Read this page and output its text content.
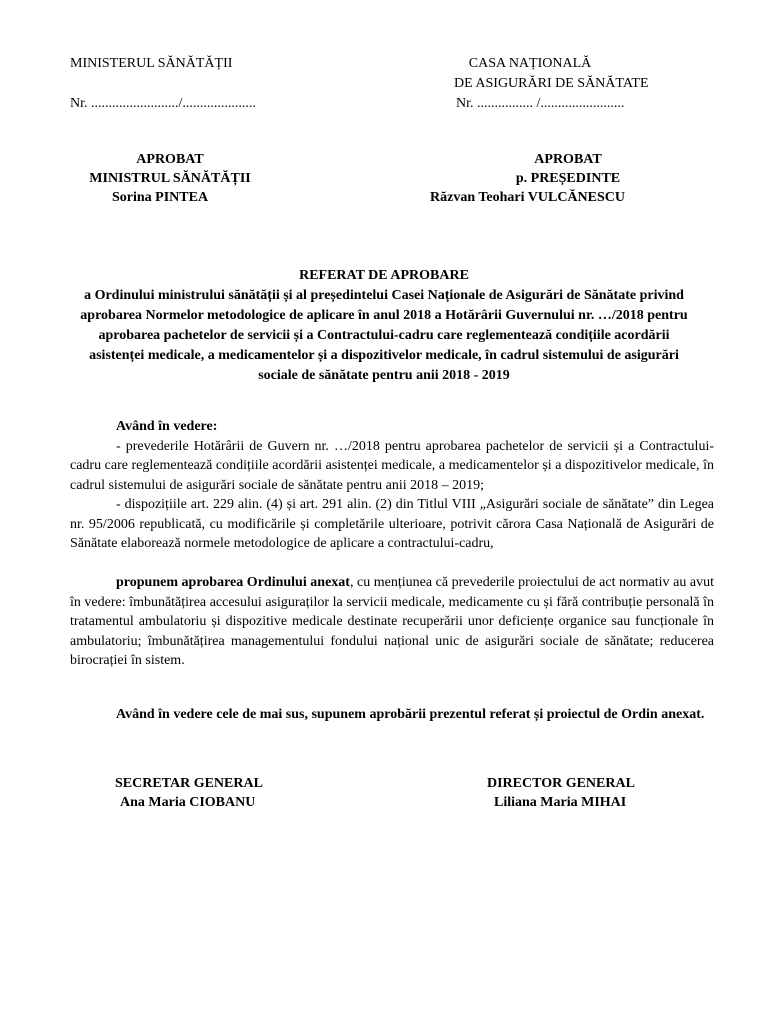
MINISTERUL SĂNĂTĂȚII
Nr. ........................./.....................
CASA NAȚIONALĂ
DE ASIGURĂRI DE SĂNĂTATE
Nr. ................ /........................
APROBAT
MINISTRUL SĂNĂTĂȚII
Sorina PINTEA
APROBAT
p. PREȘEDINTE
Răzvan Teohari VULCĂNESCU
REFERAT DE APROBARE
a Ordinului ministrului sănătății și al președintelui Casei Naționale de Asigurări de Sănătate privind
aprobarea Normelor metodologice de aplicare în anul 2018 a Hotărârii Guvernului nr. …/2018 pentru
aprobarea pachetelor de servicii și a Contractului-cadru care reglementează condițiile acordării
asistenței medicale, a medicamentelor și a dispozitivelor medicale, în cadrul sistemului de asigurări
sociale de sănătate pentru anii 2018 - 2019

Având în vedere:

- prevederile Hotărârii de Guvern nr. …/2018 pentru aprobarea pachetelor de servicii și a Contractului-cadru care reglementează condițiile acordării asistenței medicale, a medicamentelor și a dispozitivelor medicale, în cadrul sistemului de asigurări sociale de sănătate pentru anii 2018 – 2019;

- dispozițiile art. 229 alin. (4) și art. 291 alin. (2) din Titlul VIII „Asigurări sociale de sănătate” din Legea nr. 95/2006 republicată, cu modificările și completările ulterioare, potrivit cărora Casa Națională de Asigurări de Sănătate elaborează normele metodologice de aplicare a contractului-cadru,

propunem aprobarea Ordinului anexat, cu mențiunea că prevederile proiectului de act normativ au avut în vedere: îmbunătățirea accesului asiguraților la servicii medicale, medicamente cu și fără contribuție personală în tratamentul ambulatoriu și dispozitive medicale destinate recuperării unor deficiențe organice sau funcționale în ambulatoriu; îmbunătățirea managementului fondului național unic de asigurări sociale de sănătate; reducerea birocrației în sistem.

Având în vedere cele de mai sus, supunem aprobării prezentul referat și proiectul de Ordin anexat.

SECRETAR GENERAL
Ana Maria CIOBANU
DIRECTOR GENERAL
Liliana Maria MIHAI
